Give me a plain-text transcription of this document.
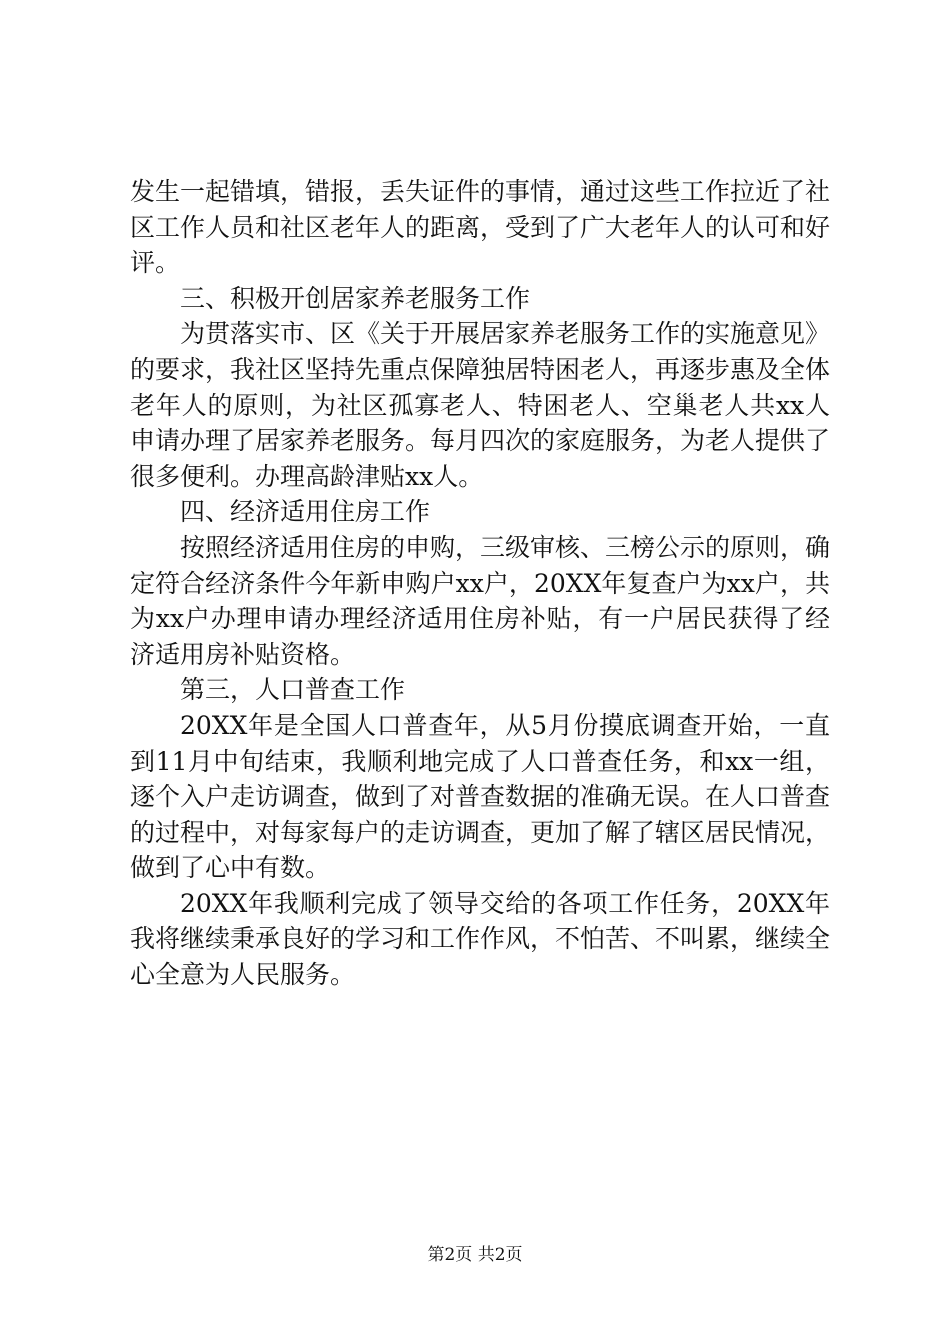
发生一起错填，错报，丢失证件的事情，通过这些工作拉近了社区工作人员和社区老年人的距离，受到了广大老年人的认可和好评。

三、积极开创居家养老服务工作

为贯落实市、区《关于开展居家养老服务工作的实施意见》的要求，我社区坚持先重点保障独居特困老人，再逐步惠及全体老年人的原则，为社区孤寡老人、特困老人、空巢老人共xx人申请办理了居家养老服务。每月四次的家庭服务，为老人提供了很多便利。办理高龄津贴xx人。

四、经济适用住房工作

按照经济适用住房的申购，三级审核、三榜公示的原则，确定符合经济条件今年新申购户xx户，20XX年复查户为xx户，共为xx户办理申请办理经济适用住房补贴，有一户居民获得了经济适用房补贴资格。

第三，人口普查工作

20XX年是全国人口普查年，从5月份摸底调查开始，一直到11月中旬结束，我顺利地完成了人口普查任务，和xx一组，逐个入户走访调查，做到了对普查数据的准确无误。在人口普查的过程中，对每家每户的走访调查，更加了解了辖区居民情况，做到了心中有数。

20XX年我顺利完成了领导交给的各项工作任务，20XX年我将继续秉承良好的学习和工作作风，不怕苦、不叫累，继续全心全意为人民服务。

第2页 共2页
